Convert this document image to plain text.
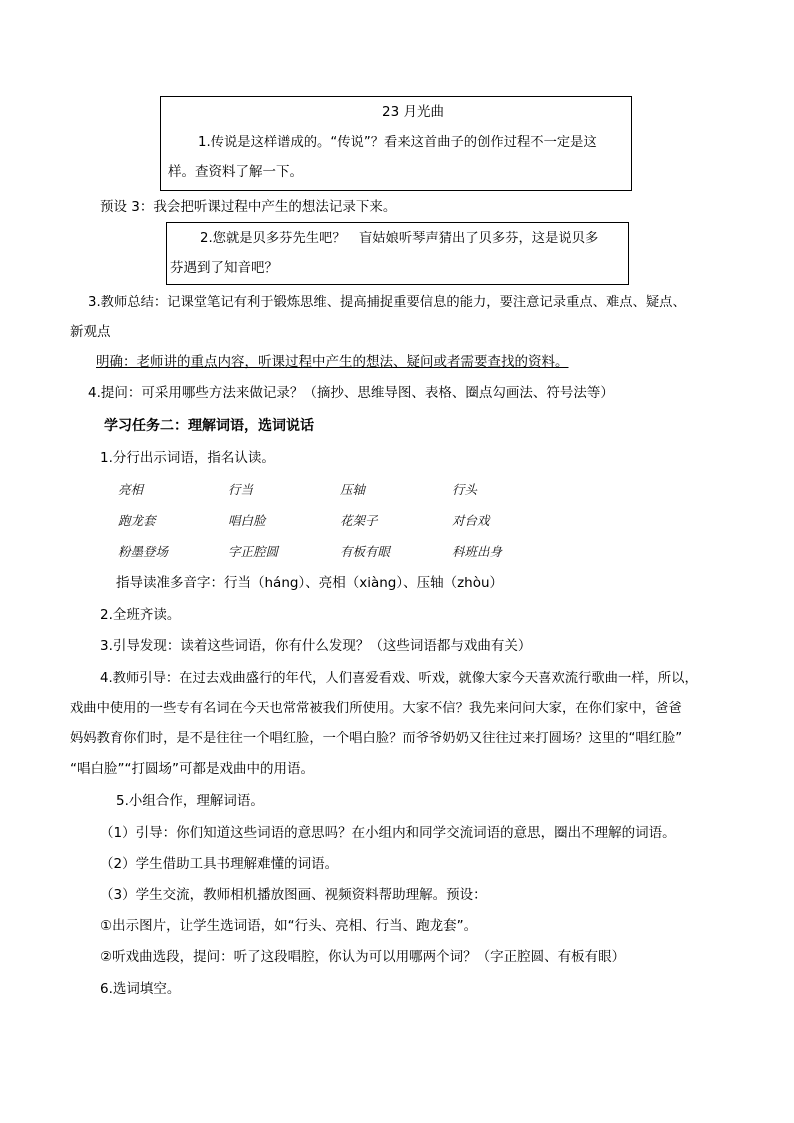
23 月光曲
1.传说是这样谱成的。“传说”？看来这首曲子的创作过程不一定是这
样。查资料了解一下。
预设 3：我会把听课过程中产生的想法记录下来。
2.您就是贝多芬先生吧？　盲姑娘听琴声猜出了贝多芬，这是说贝多
芬遇到了知音吧？
3.教师总结：记课堂笔记有利于锻炼思维、提高捕捉重要信息的能力，要注意记录重点、难点、疑点、
新观点
明确：老师讲的重点内容，听课过程中产生的想法、疑问或者需要查找的资料。
4.提问：可采用哪些方法来做记录？（摘抄、思维导图、表格、圈点勾画法、符号法等）
学习任务二：理解词语，选词说话
1.分行出示词语，指名认读。
亮相	行当	压轴	行头
跑龙套	唱白脸	花架子	对台戏
粉墨登场	字正腔圆	有板有眼	科班出身
指导读准多音字：行当（háng）、亮相（xiàng）、压轴（zhòu）
2.全班齐读。
3.引导发现：读着这些词语，你有什么发现？（这些词语都与戏曲有关）
4.教师引导：在过去戏曲盛行的年代，人们喜爱看戏、听戏，就像大家今天喜欢流行歌曲一样，所以，
戏曲中使用的一些专有名词在今天也常常被我们所使用。大家不信？我先来问问大家，在你们家中，爸爸
妈妈教育你们时，是不是往往一个唱红脸，一个唱白脸？而爷爷奶奶又往往过来打圆场？这里的“唱红脸”
“唱白脸”“打圆场”可都是戏曲中的用语。
5.小组合作，理解词语。
（1）引导：你们知道这些词语的意思吗？在小组内和同学交流词语的意思，圈出不理解的词语。
（2）学生借助工具书理解难懂的词语。
（3）学生交流，教师相机播放图画、视频资料帮助理解。预设：
①出示图片，让学生选词语，如“行头、亮相、行当、跑龙套”。
②听戏曲选段，提问：听了这段唱腔，你认为可以用哪两个词？（字正腔圆、有板有眼）
6.选词填空。
